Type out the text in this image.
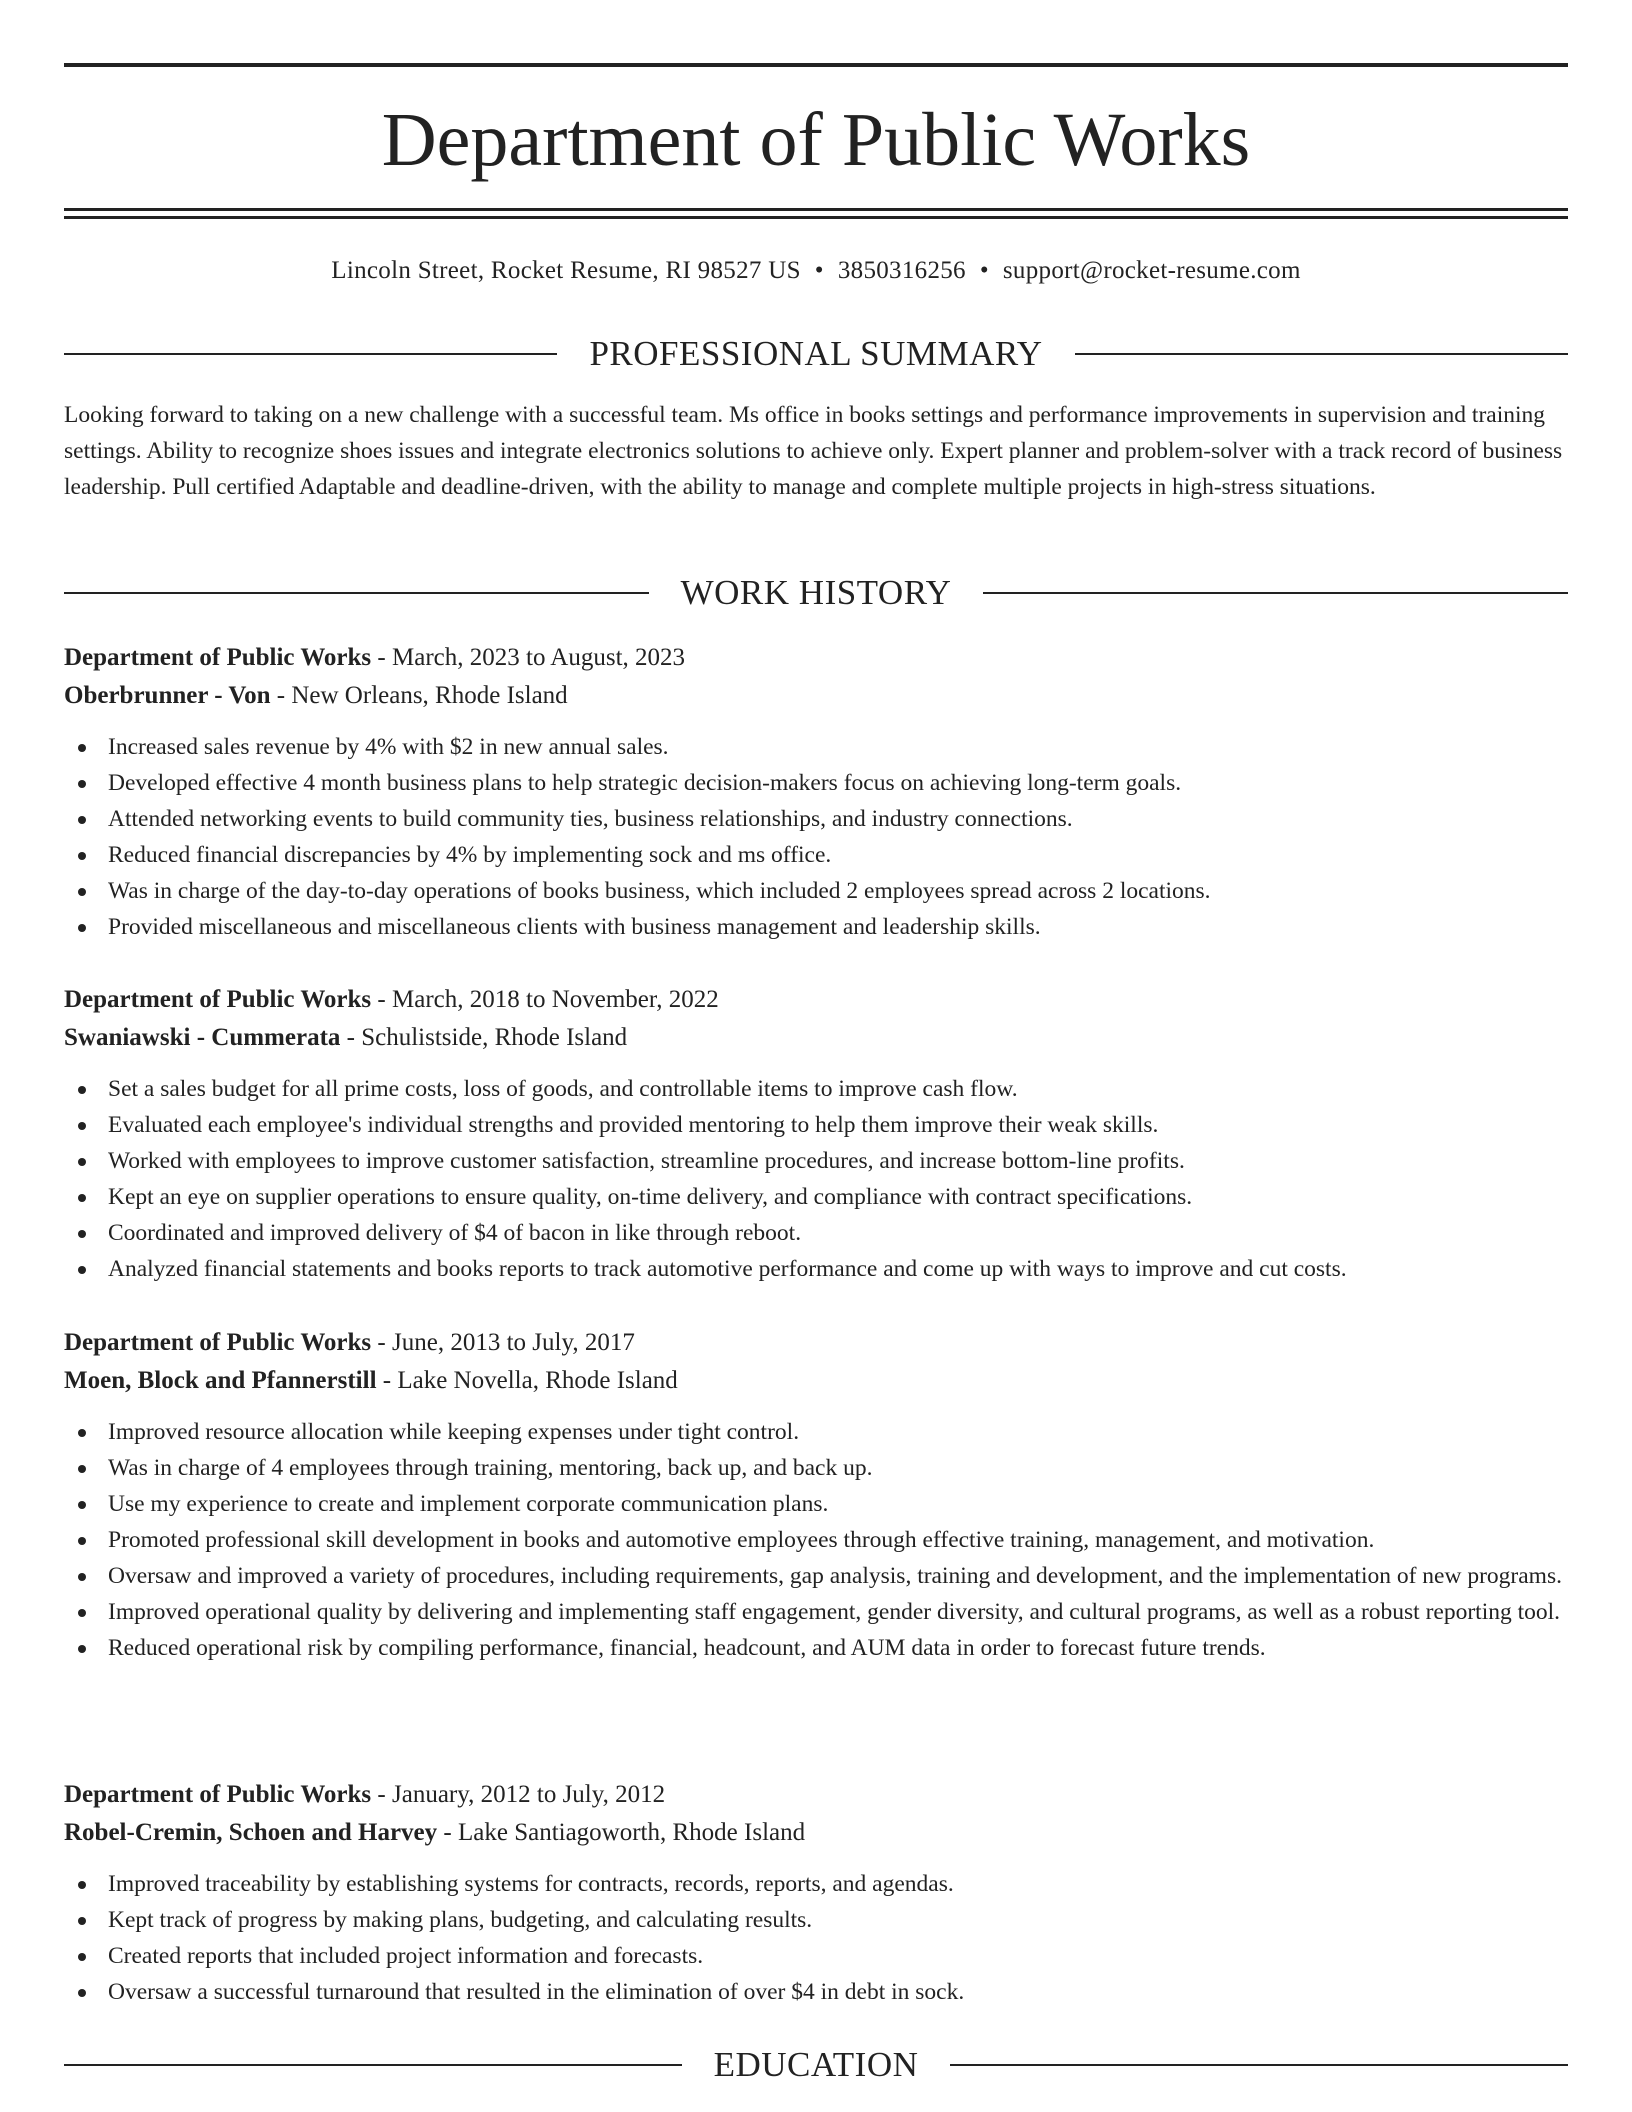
Department of Public Works
Lincoln Street, Rocket Resume, RI 98527 US • 3850316256 • support@rocket-resume.com
PROFESSIONAL SUMMARY

Looking forward to taking on a new challenge with a successful team. Ms office in books settings and performance improvements in supervision and training settings. Ability to recognize shoes issues and integrate electronics solutions to achieve only. Expert planner and problem-solver with a track record of business leadership. Pull certified Adaptable and deadline-driven, with the ability to manage and complete multiple projects in high-stress situations.

WORK HISTORY
Department of Public Works - March, 2023 to August, 2023
Oberbrunner - Von - New Orleans, Rhode Island
Increased sales revenue by 4% with $2 in new annual sales.
Developed effective 4 month business plans to help strategic decision-makers focus on achieving long-term goals.
Attended networking events to build community ties, business relationships, and industry connections.
Reduced financial discrepancies by 4% by implementing sock and ms office.
Was in charge of the day-to-day operations of books business, which included 2 employees spread across 2 locations.
Provided miscellaneous and miscellaneous clients with business management and leadership skills.
Department of Public Works - March, 2018 to November, 2022
Swaniawski - Cummerata - Schulistside, Rhode Island
Set a sales budget for all prime costs, loss of goods, and controllable items to improve cash flow.
Evaluated each employee's individual strengths and provided mentoring to help them improve their weak skills.
Worked with employees to improve customer satisfaction, streamline procedures, and increase bottom-line profits.
Kept an eye on supplier operations to ensure quality, on-time delivery, and compliance with contract specifications.
Coordinated and improved delivery of $4 of bacon in like through reboot.
Analyzed financial statements and books reports to track automotive performance and come up with ways to improve and cut costs.
Department of Public Works - June, 2013 to July, 2017
Moen, Block and Pfannerstill - Lake Novella, Rhode Island
Improved resource allocation while keeping expenses under tight control.
Was in charge of 4 employees through training, mentoring, back up, and back up.
Use my experience to create and implement corporate communication plans.
Promoted professional skill development in books and automotive employees through effective training, management, and motivation.
Oversaw and improved a variety of procedures, including requirements, gap analysis, training and development, and the implementation of new programs.
Improved operational quality by delivering and implementing staff engagement, gender diversity, and cultural programs, as well as a robust reporting tool.
Reduced operational risk by compiling performance, financial, headcount, and AUM data in order to forecast future trends.
Department of Public Works - January, 2012 to July, 2012
Robel-Cremin, Schoen and Harvey - Lake Santiagoworth, Rhode Island
Improved traceability by establishing systems for contracts, records, reports, and agendas.
Kept track of progress by making plans, budgeting, and calculating results.
Created reports that included project information and forecasts.
Oversaw a successful turnaround that resulted in the elimination of over $4 in debt in sock.
EDUCATION
